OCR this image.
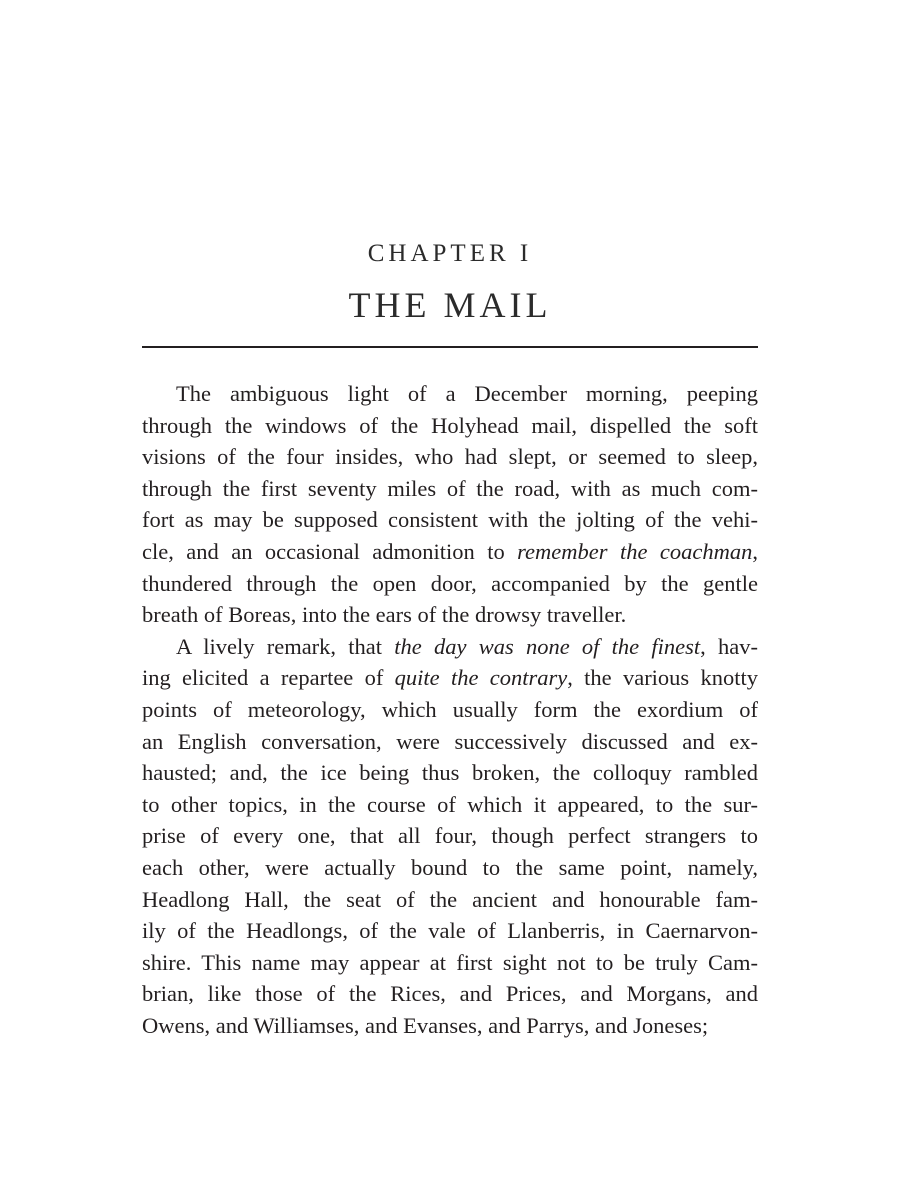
CHAPTER I
THE MAIL
The ambiguous light of a December morning, peeping
through the windows of the Holyhead mail, dispelled the soft
visions of the four insides, who had slept, or seemed to sleep,
through the first seventy miles of the road, with as much com-
fort as may be supposed consistent with the jolting of the vehi-
cle, and an occasional admonition to remember the coachman,
thundered through the open door, accompanied by the gentle
breath of Boreas, into the ears of the drowsy traveller.
A lively remark, that the day was none of the finest, hav-
ing elicited a repartee of quite the contrary, the various knotty
points of meteorology, which usually form the exordium of
an English conversation, were successively discussed and ex-
hausted; and, the ice being thus broken, the colloquy rambled
to other topics, in the course of which it appeared, to the sur-
prise of every one, that all four, though perfect strangers to
each other, were actually bound to the same point, namely,
Headlong Hall, the seat of the ancient and honourable fam-
ily of the Headlongs, of the vale of Llanberris, in Caernarvon-
shire. This name may appear at first sight not to be truly Cam-
brian, like those of the Rices, and Prices, and Morgans, and
Owens, and Williamses, and Evanses, and Parrys, and Joneses;
